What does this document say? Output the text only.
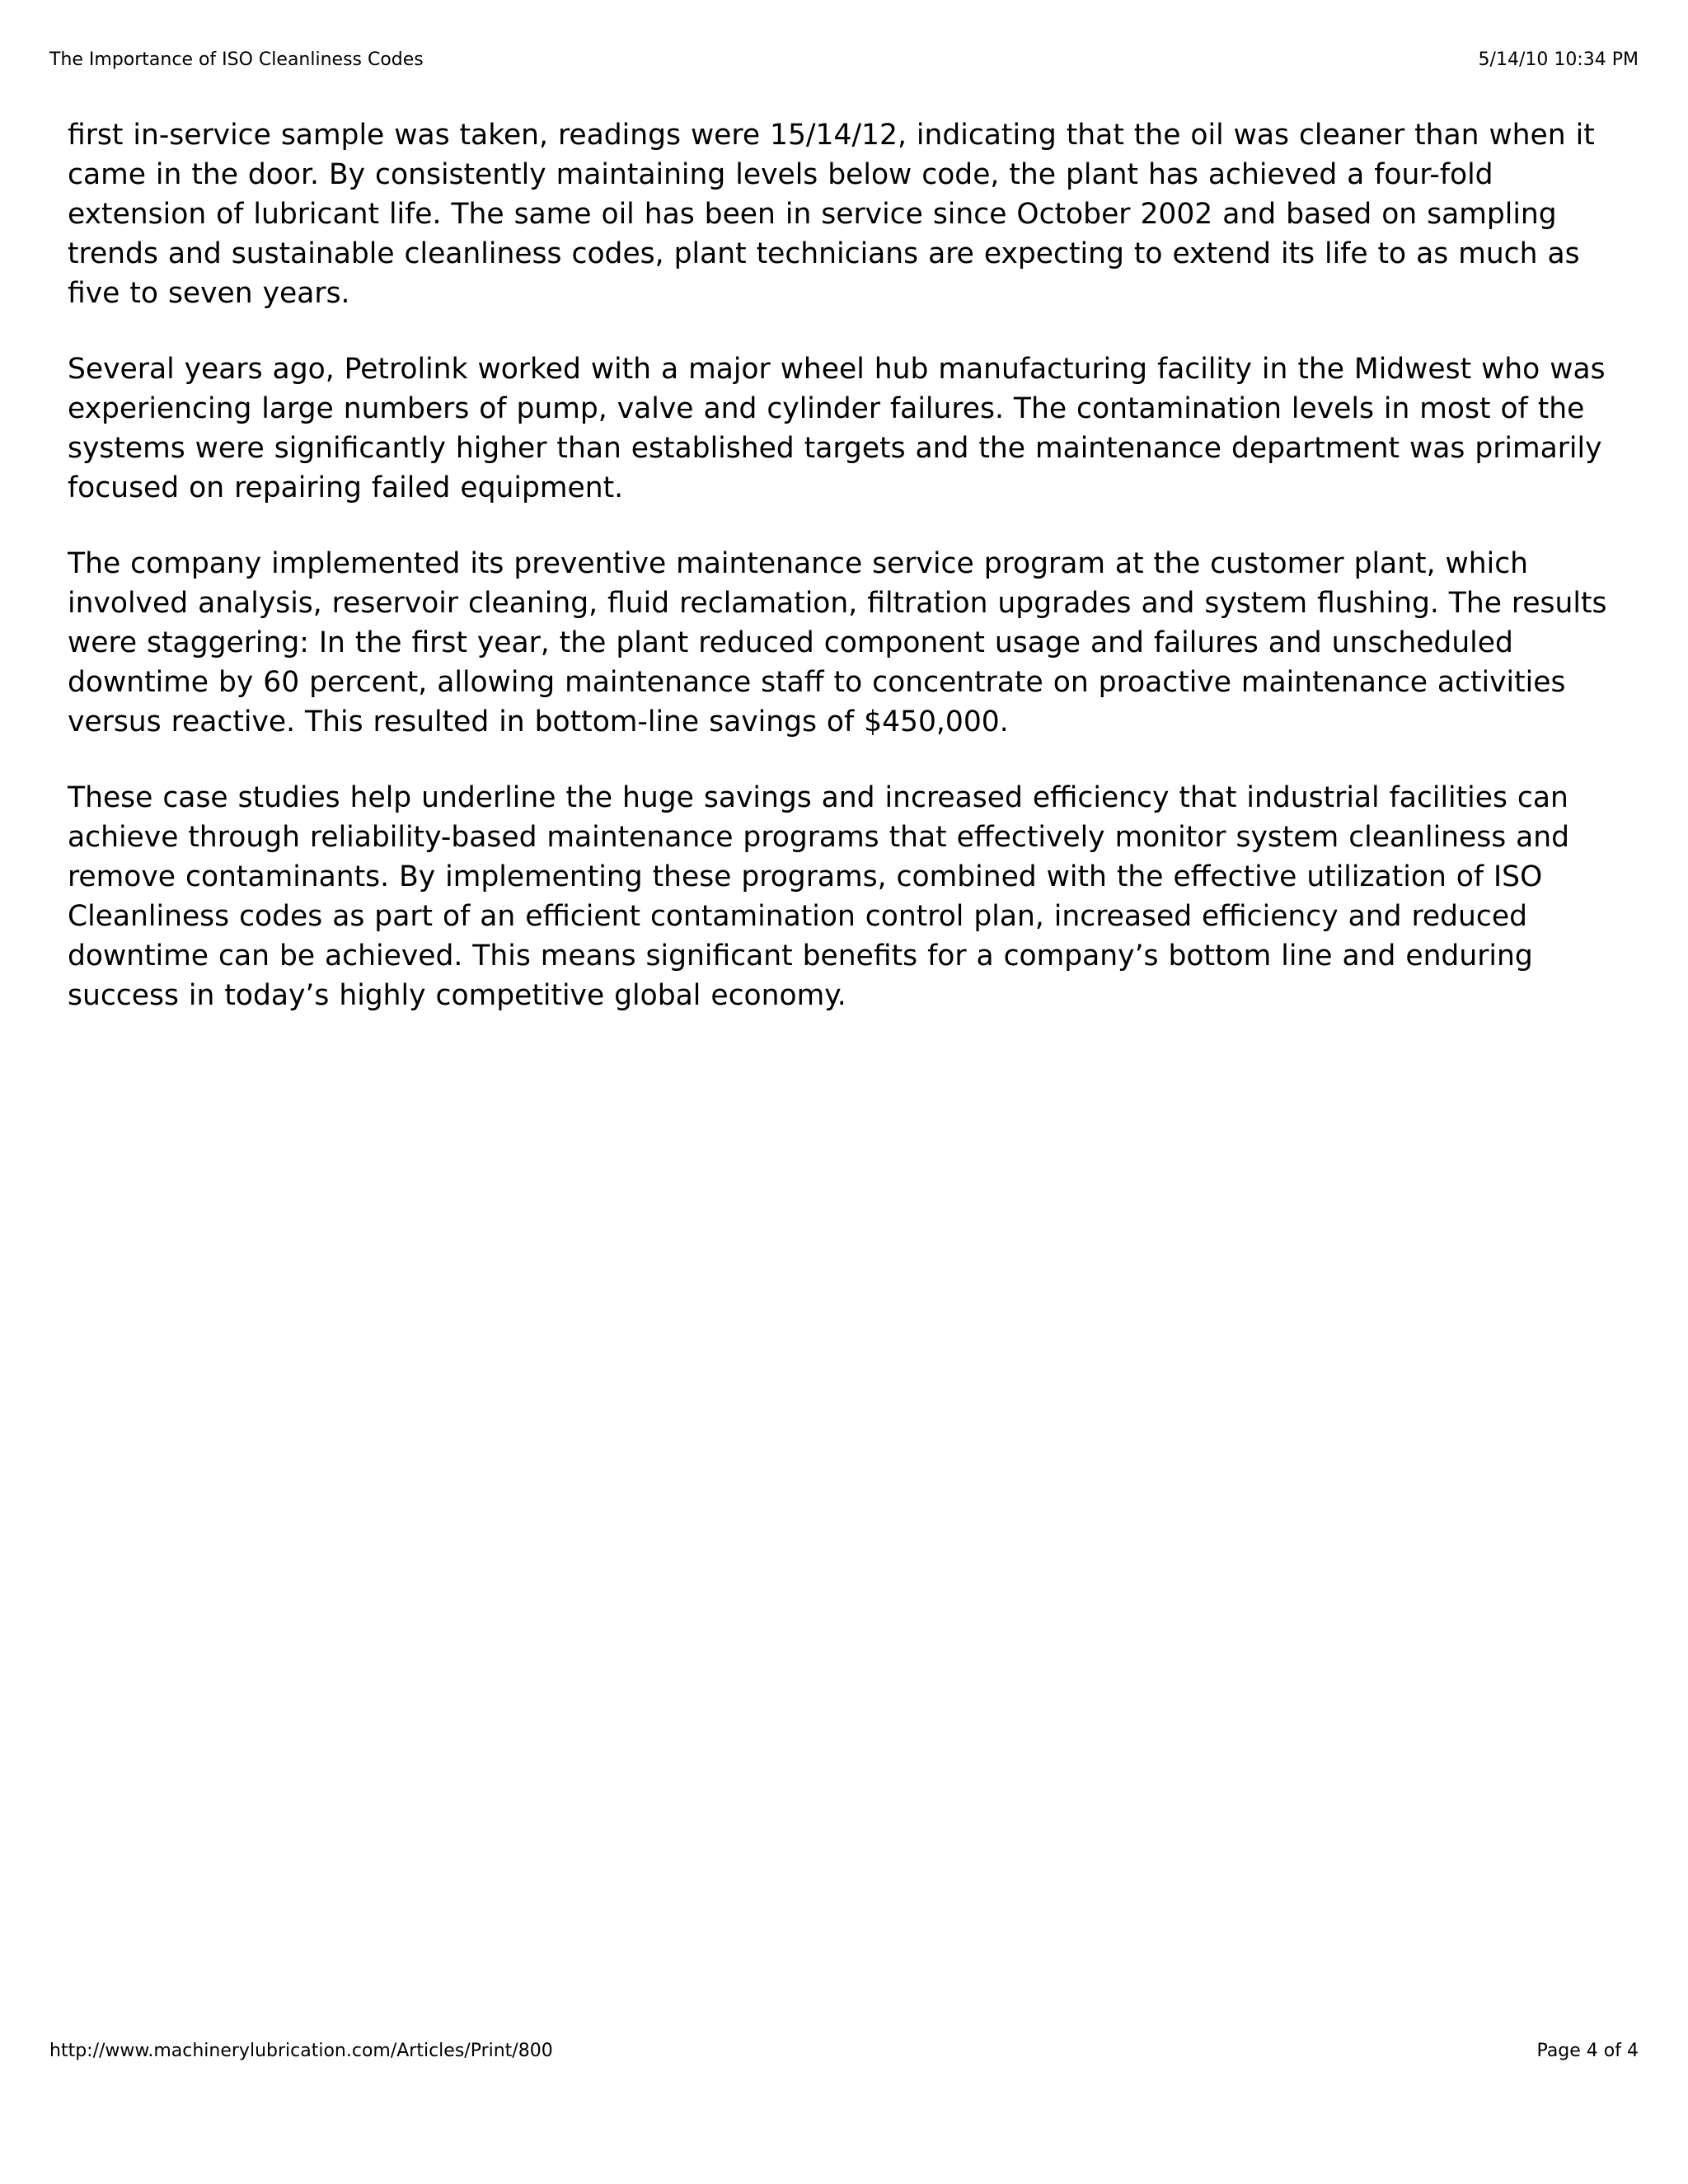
The Importance of ISO Cleanliness Codes	5/14/10 10:34 PM

first in-service sample was taken, readings were 15/14/12, indicating that the oil was cleaner than when it came in the door. By consistently maintaining levels below code, the plant has achieved a four-fold extension of lubricant life. The same oil has been in service since October 2002 and based on sampling trends and sustainable cleanliness codes, plant technicians are expecting to extend its life to as much as five to seven years.

Several years ago, Petrolink worked with a major wheel hub manufacturing facility in the Midwest who was experiencing large numbers of pump, valve and cylinder failures. The contamination levels in most of the systems were significantly higher than established targets and the maintenance department was primarily focused on repairing failed equipment.

The company implemented its preventive maintenance service program at the customer plant, which involved analysis, reservoir cleaning, fluid reclamation, filtration upgrades and system flushing. The results were staggering: In the first year, the plant reduced component usage and failures and unscheduled downtime by 60 percent, allowing maintenance staff to concentrate on proactive maintenance activities versus reactive. This resulted in bottom-line savings of $450,000.

These case studies help underline the huge savings and increased efficiency that industrial facilities can achieve through reliability-based maintenance programs that effectively monitor system cleanliness and remove contaminants. By implementing these programs, combined with the effective utilization of ISO Cleanliness codes as part of an efficient contamination control plan, increased efficiency and reduced downtime can be achieved. This means significant benefits for a company’s bottom line and enduring success in today’s highly competitive global economy.

http://www.machinerylubrication.com/Articles/Print/800	Page 4 of 4
